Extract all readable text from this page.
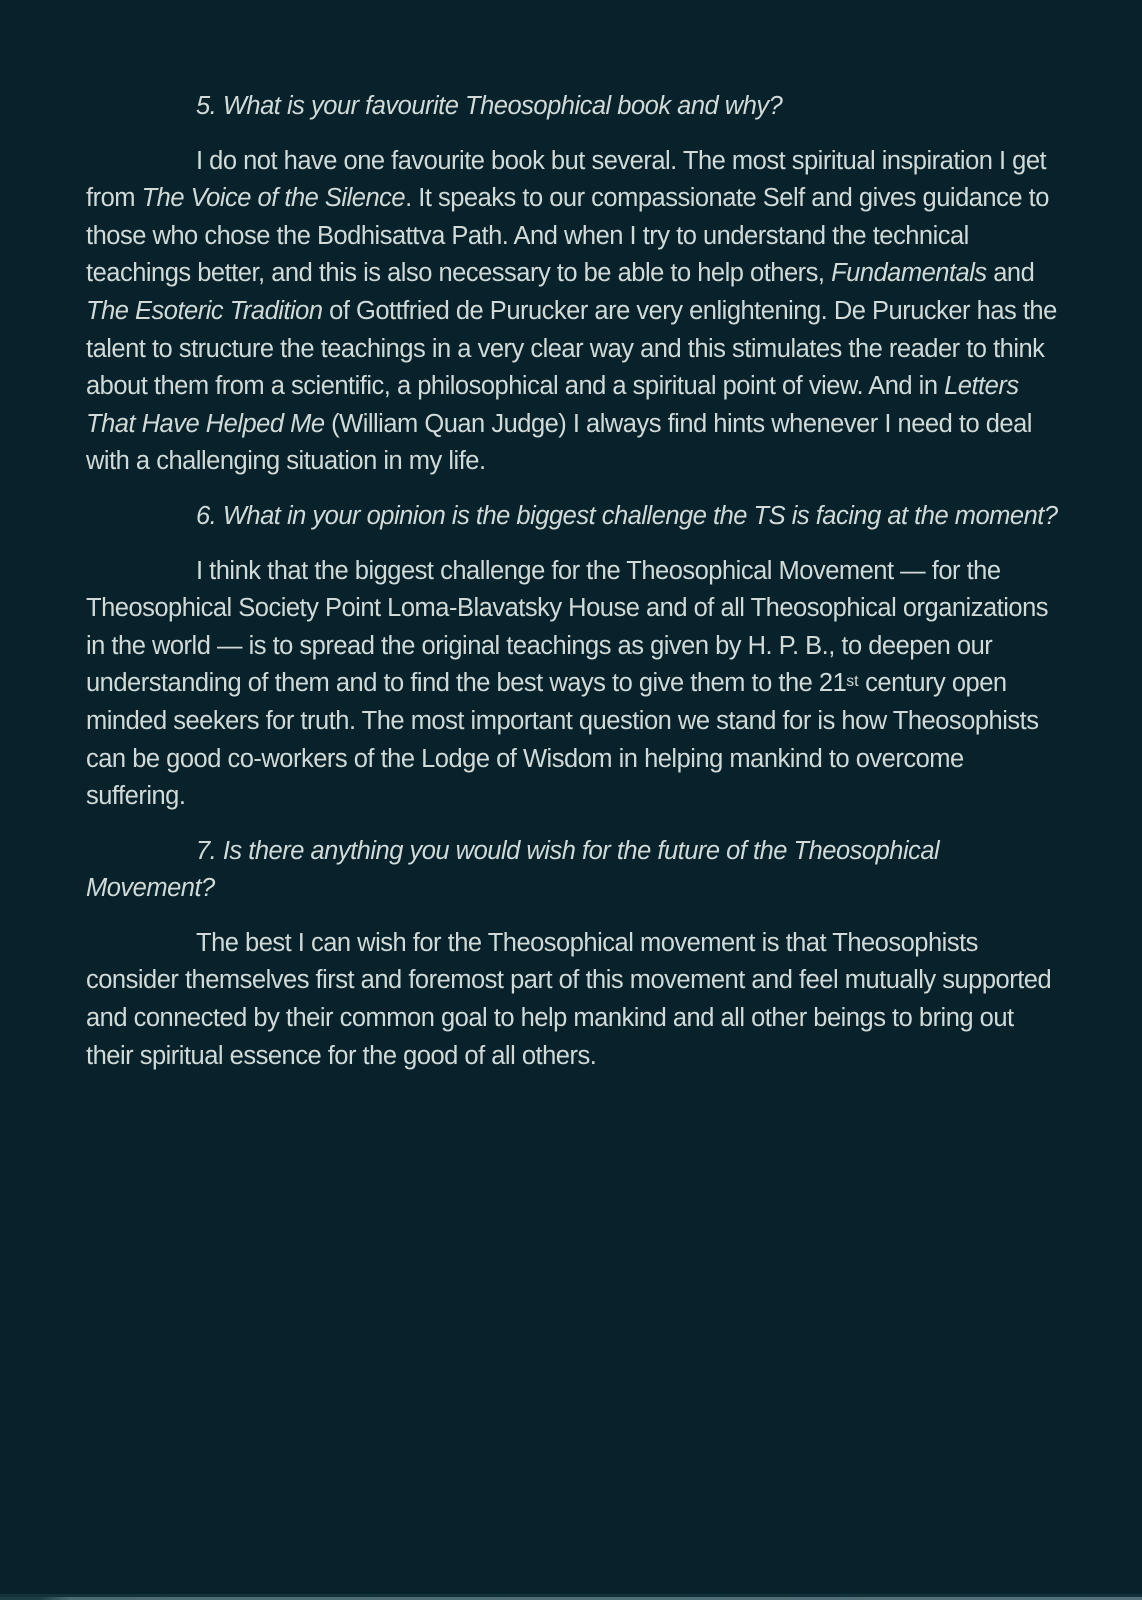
5. What is your favourite Theosophical book and why?

I do not have one favourite book but several. The most spiritual inspiration I get from The Voice of the Silence. It speaks to our compassionate Self and gives guidance to those who chose the Bodhisattva Path. And when I try to understand the technical teachings better, and this is also necessary to be able to help others, Fundamentals and The Esoteric Tradition of Gottfried de Purucker are very enlightening. De Purucker has the talent to structure the teachings in a very clear way and this stimulates the reader to think about them from a scientific, a philosophical and a spiritual point of view. And in Letters That Have Helped Me (William Quan Judge) I always find hints whenever I need to deal with a challenging situation in my life.

6. What in your opinion is the biggest challenge the TS is facing at the moment?

I think that the biggest challenge for the Theosophical Movement — for the Theosophical Society Point Loma-Blavatsky House and of all Theosophical organizations in the world — is to spread the original teachings as given by H. P. B., to deepen our understanding of them and to find the best ways to give them to the 21st century open minded seekers for truth. The most important question we stand for is how Theosophists can be good co-workers of the Lodge of Wisdom in helping mankind to overcome suffering.

7. Is there anything you would wish for the future of the Theosophical Movement?

The best I can wish for the Theosophical movement is that Theosophists consider themselves first and foremost part of this movement and feel mutually supported and connected by their common goal to help mankind and all other beings to bring out their spiritual essence for the good of all others.
